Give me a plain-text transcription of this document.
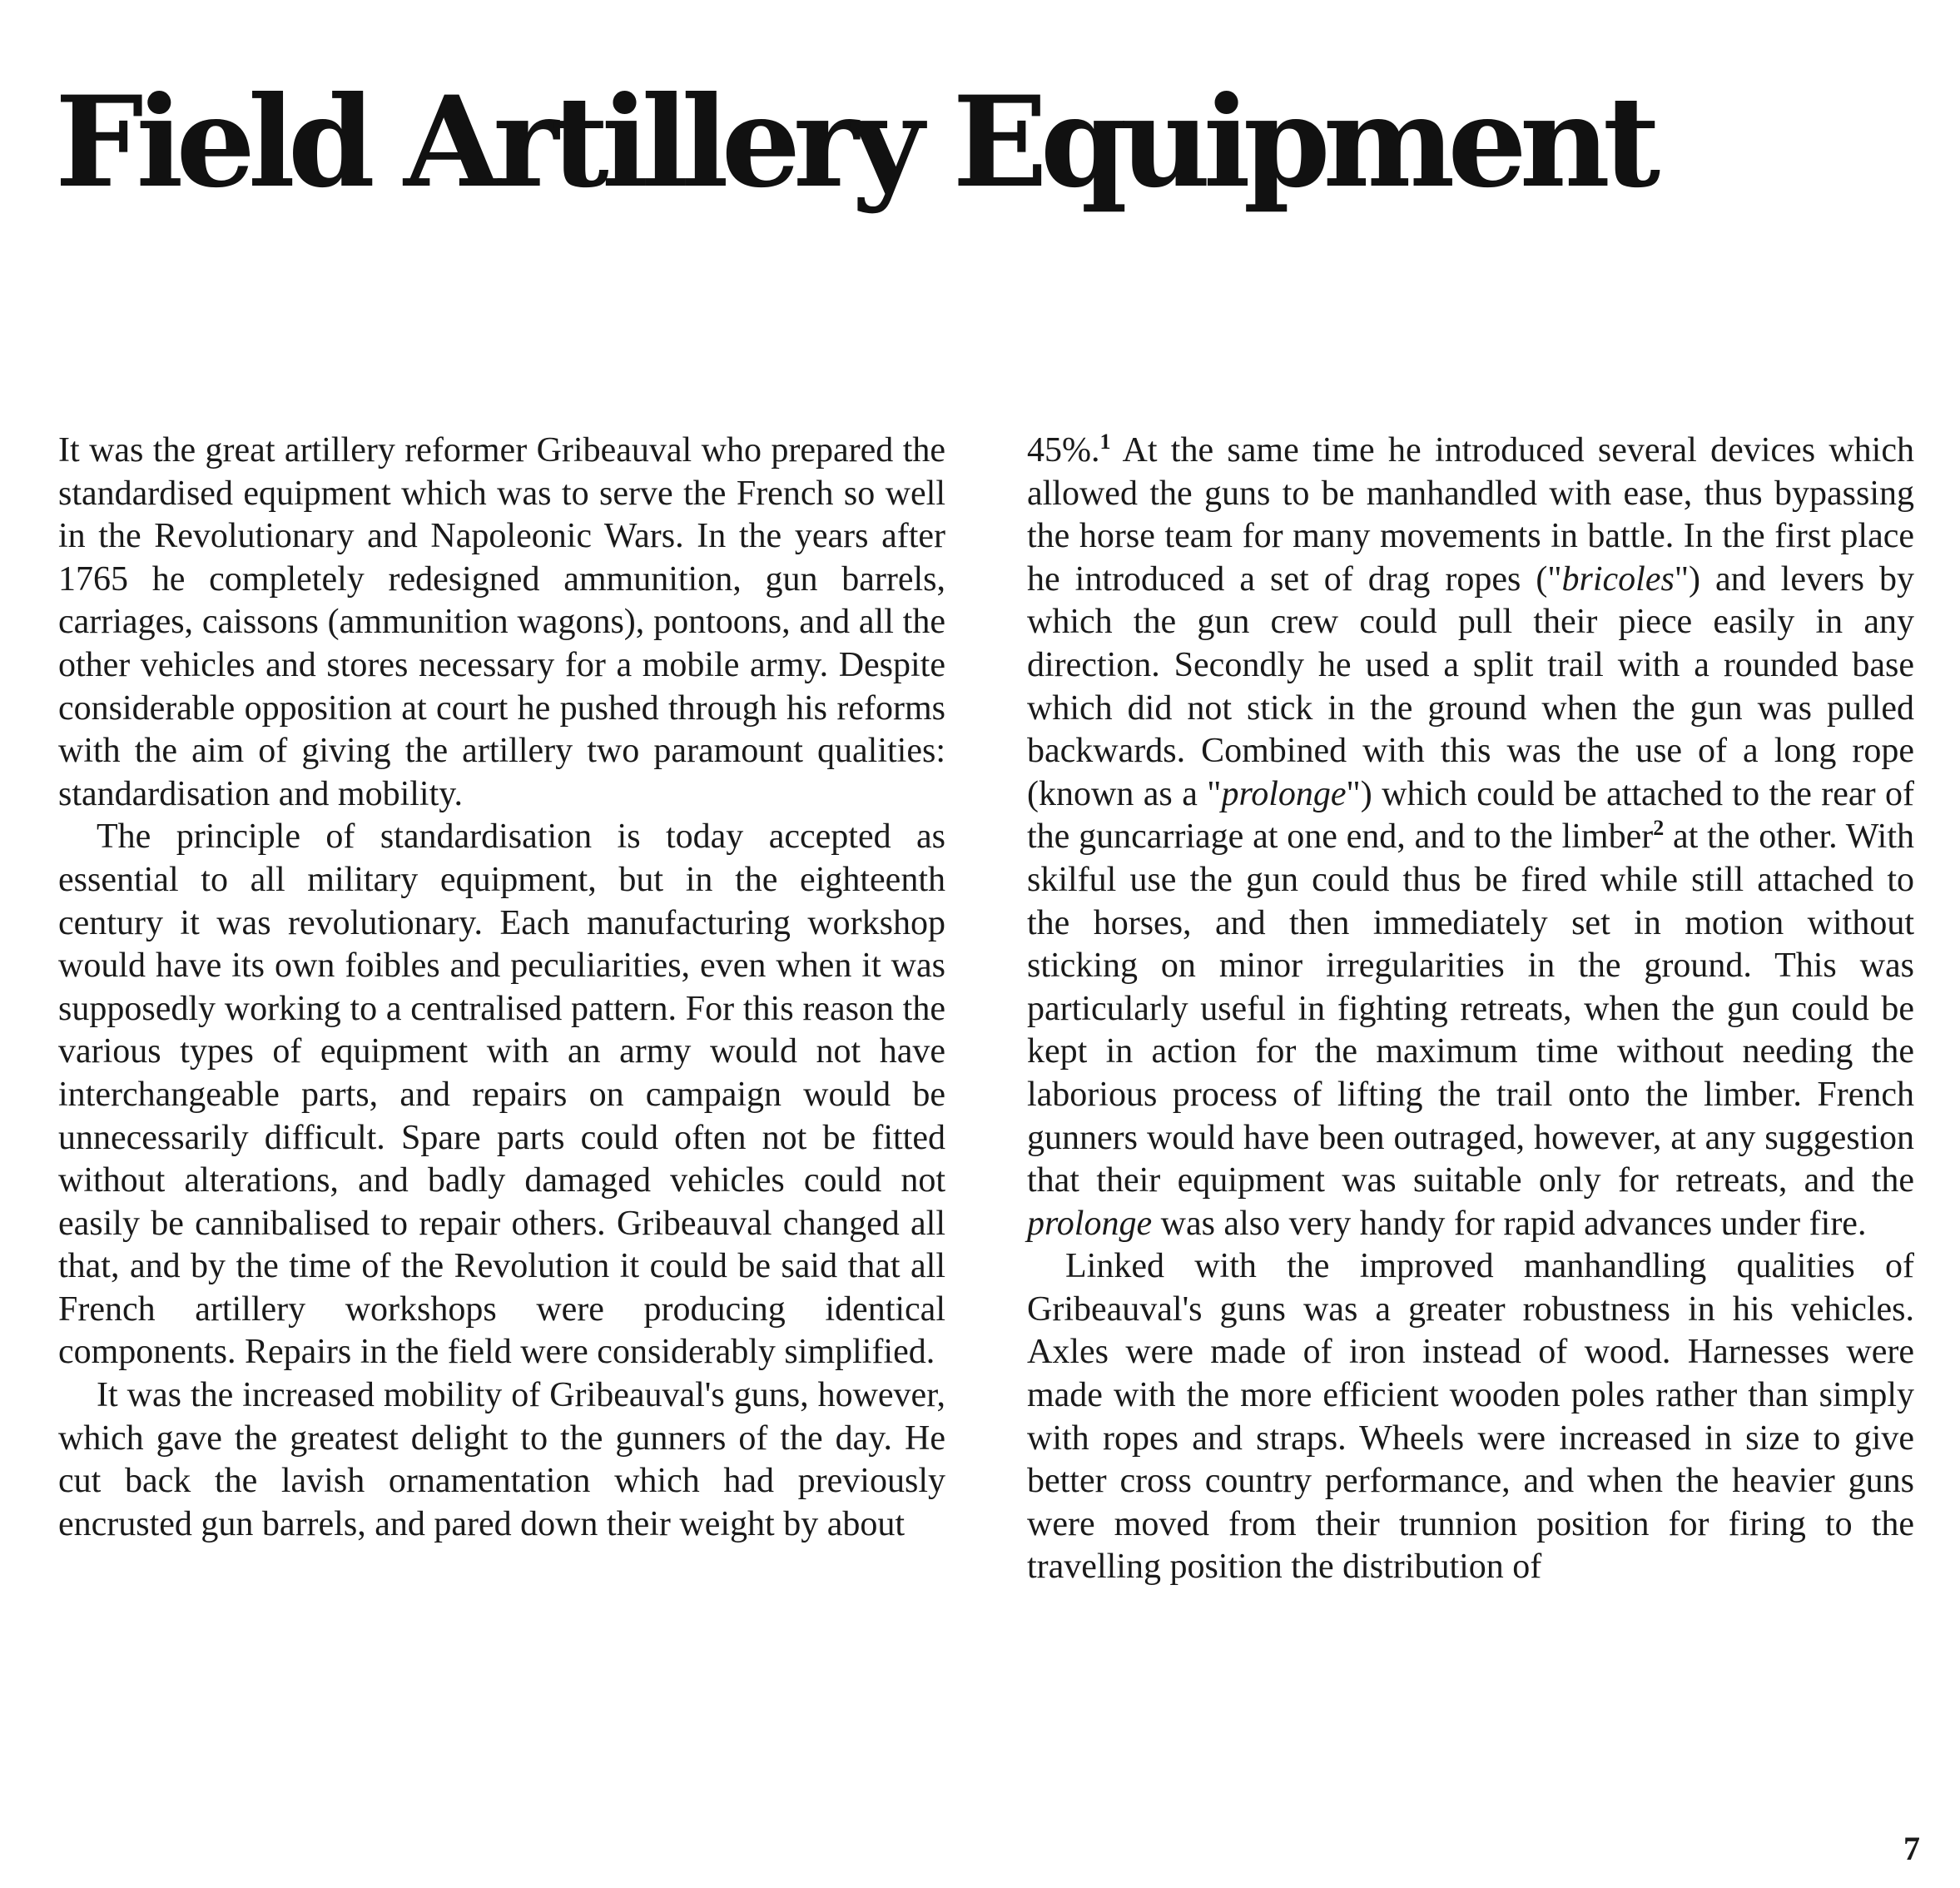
Field Artillery Equipment

It was the great artillery reformer Gribeauval who prepared the standardised equipment which was to serve the French so well in the Revolutionary and Napoleonic Wars. In the years after 1765 he completely redesigned ammunition, gun barrels, carriages, caissons (ammunition wagons), pontoons, and all the other vehicles and stores necessary for a mobile army. Despite considerable opposition at court he pushed through his reforms with the aim of giving the artillery two paramount qualities: standardisation and mobility.

The principle of standardisation is today accepted as essential to all military equipment, but in the eighteenth century it was revolutionary. Each manufacturing workshop would have its own foibles and peculiarities, even when it was supposedly working to a centralised pattern. For this reason the various types of equipment with an army would not have interchangeable parts, and repairs on campaign would be unnecessarily difficult. Spare parts could often not be fitted without alterations, and badly damaged vehicles could not easily be cannibalised to repair others. Gribeauval changed all that, and by the time of the Revolution it could be said that all French artillery workshops were producing identical components. Repairs in the field were considerably simplified.

It was the increased mobility of Gribeauval's guns, however, which gave the greatest delight to the gunners of the day. He cut back the lavish ornamentation which had previously encrusted gun barrels, and pared down their weight by about

45%.$^1$ At the same time he introduced several devices which allowed the guns to be manhandled with ease, thus bypassing the horse team for many movements in battle. In the first place he introduced a set of drag ropes ("bricoles") and levers by which the gun crew could pull their piece easily in any direction. Secondly he used a split trail with a rounded base which did not stick in the ground when the gun was pulled backwards. Combined with this was the use of a long rope (known as a "prolonge") which could be attached to the rear of the guncarriage at one end, and to the limber$^2$ at the other. With skilful use the gun could thus be fired while still attached to the horses, and then immediately set in motion without sticking on minor irregularities in the ground. This was particularly useful in fighting retreats, when the gun could be kept in action for the maximum time without needing the laborious process of lifting the trail onto the limber. French gunners would have been outraged, however, at any suggestion that their equipment was suitable only for retreats, and the prolonge was also very handy for rapid advances under fire.

Linked with the improved manhandling qualities of Gribeauval's guns was a greater robustness in his vehicles. Axles were made of iron instead of wood. Harnesses were made with the more efficient wooden poles rather than simply with ropes and straps. Wheels were increased in size to give better cross country performance, and when the heavier guns were moved from their trunnion position for firing to the travelling position the distribution of

7
